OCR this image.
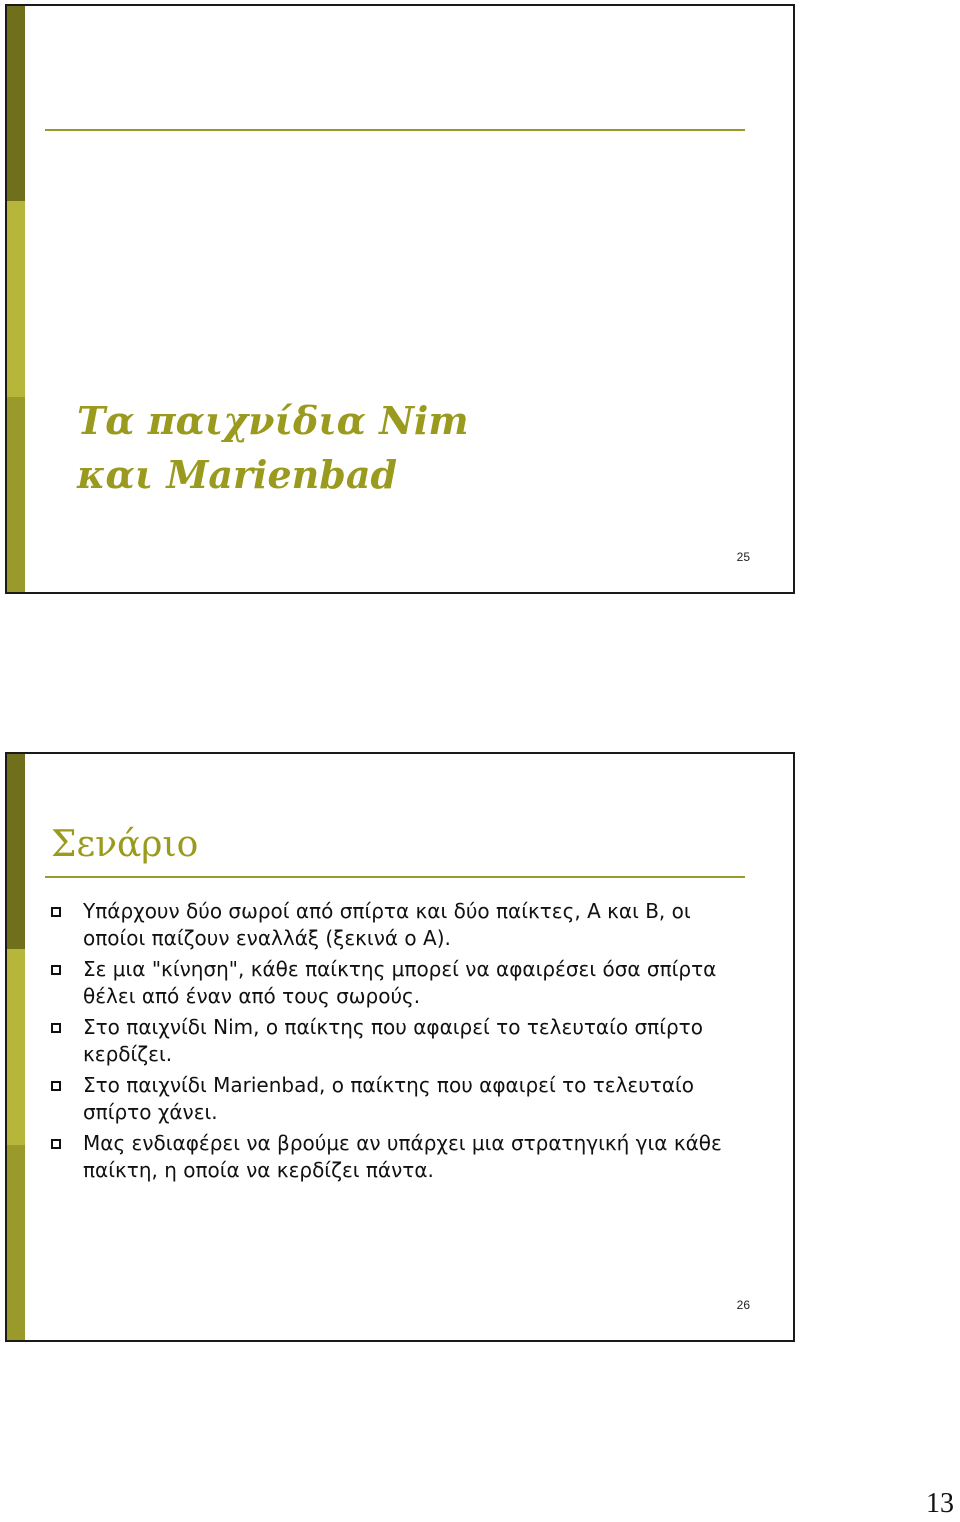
Τα παιχνίδια Nim
και Marienbad
25
Σενάριο
Υπάρχουν δύο σωροί από σπίρτα και δύο παίκτες, Α και Β, οι οποίοι παίζουν εναλλάξ (ξεκινά ο Α).
Σε μια "κίνηση", κάθε παίκτης μπορεί να αφαιρέσει όσα σπίρτα θέλει από έναν από τους σωρούς.
Στο παιχνίδι Nim, ο παίκτης που αφαιρεί το τελευταίο σπίρτο κερδίζει.
Στο παιχνίδι Marienbad, ο παίκτης που αφαιρεί το τελευταίο σπίρτο χάνει.
Μας ενδιαφέρει να βρούμε αν υπάρχει μια στρατηγική για κάθε παίκτη, η οποία να κερδίζει πάντα.
26
13
